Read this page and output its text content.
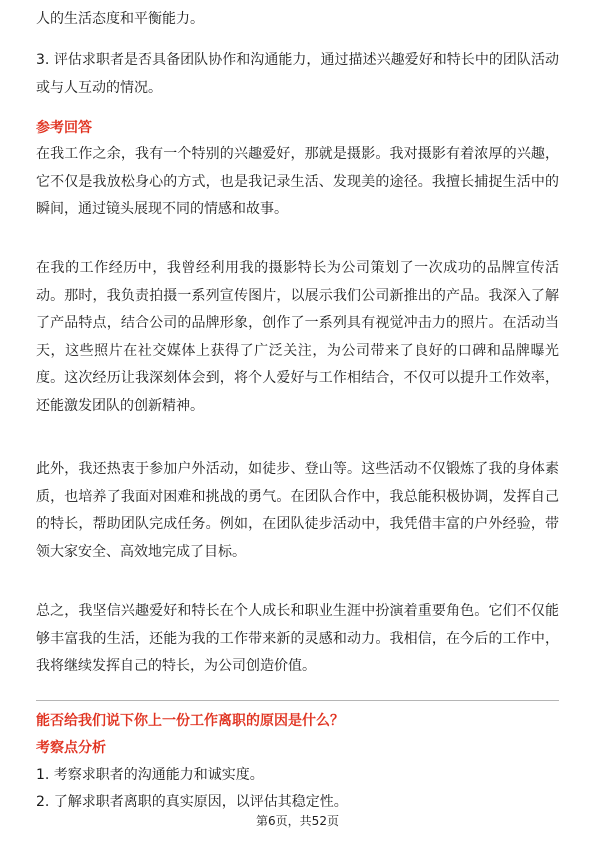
人的生活态度和平衡能力。

3. 评估求职者是否具备团队协作和沟通能力，通过描述兴趣爱好和特长中的团队活动或与人互动的情况。

参考回答

在我工作之余，我有一个特别的兴趣爱好，那就是摄影。我对摄影有着浓厚的兴趣，它不仅是我放松身心的方式，也是我记录生活、发现美的途径。我擅长捕捉生活中的瞬间，通过镜头展现不同的情感和故事。

在我的工作经历中，我曾经利用我的摄影特长为公司策划了一次成功的品牌宣传活动。那时，我负责拍摄一系列宣传图片，以展示我们公司新推出的产品。我深入了解了产品特点，结合公司的品牌形象，创作了一系列具有视觉冲击力的照片。在活动当天，这些照片在社交媒体上获得了广泛关注，为公司带来了良好的口碑和品牌曝光度。这次经历让我深刻体会到，将个人爱好与工作相结合，不仅可以提升工作效率，还能激发团队的创新精神。

此外，我还热衷于参加户外活动，如徒步、登山等。这些活动不仅锻炼了我的身体素质，也培养了我面对困难和挑战的勇气。在团队合作中，我总能积极协调，发挥自己的特长，帮助团队完成任务。例如，在团队徒步活动中，我凭借丰富的户外经验，带领大家安全、高效地完成了目标。

总之，我坚信兴趣爱好和特长在个人成长和职业生涯中扮演着重要角色。它们不仅能够丰富我的生活，还能为我的工作带来新的灵感和动力。我相信，在今后的工作中，我将继续发挥自己的特长，为公司创造价值。

能否给我们说下你上一份工作离职的原因是什么？

考察点分析

1. 考察求职者的沟通能力和诚实度。

2. 了解求职者离职的真实原因，以评估其稳定性。

第6页，共52页
